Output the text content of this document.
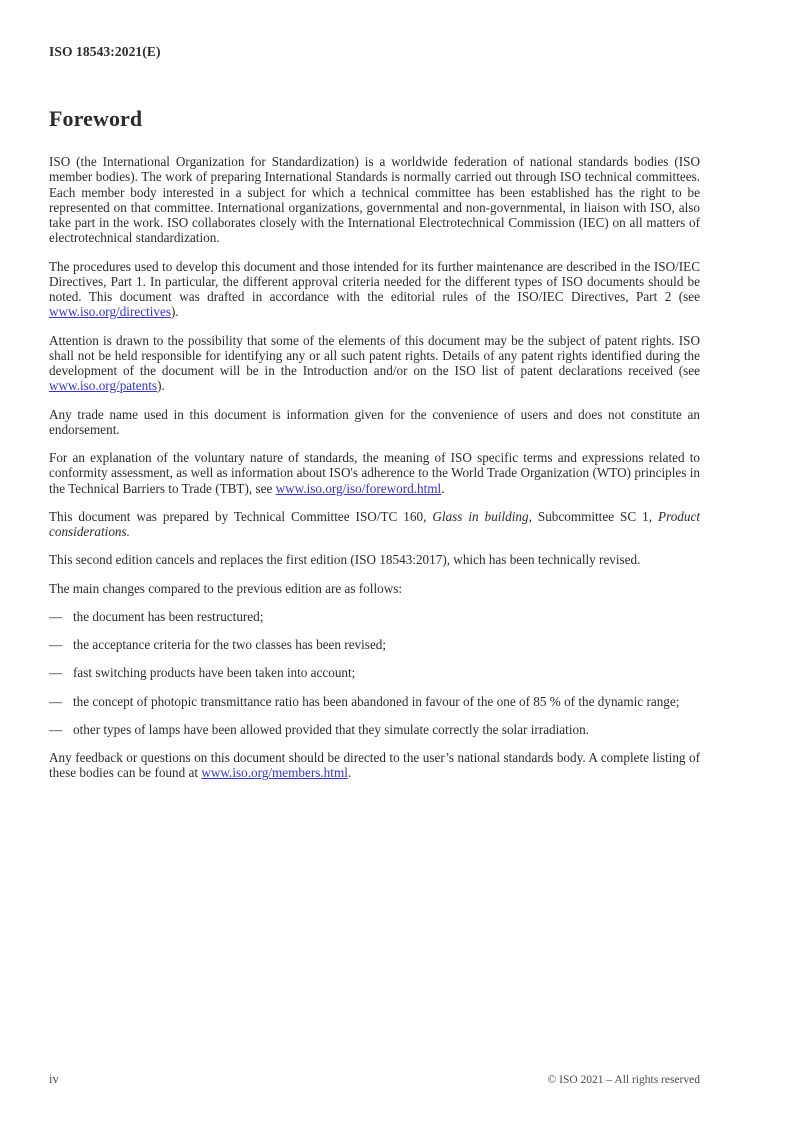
ISO 18543:2021(E)
Foreword

ISO (the International Organization for Standardization) is a worldwide federation of national standards bodies (ISO member bodies). The work of preparing International Standards is normally carried out through ISO technical committees. Each member body interested in a subject for which a technical committee has been established has the right to be represented on that committee. International organizations, governmental and non-governmental, in liaison with ISO, also take part in the work. ISO collaborates closely with the International Electrotechnical Commission (IEC) on all matters of electrotechnical standardization.

The procedures used to develop this document and those intended for its further maintenance are described in the ISO/IEC Directives, Part 1. In particular, the different approval criteria needed for the different types of ISO documents should be noted. This document was drafted in accordance with the editorial rules of the ISO/IEC Directives, Part 2 (see www.iso.org/directives).

Attention is drawn to the possibility that some of the elements of this document may be the subject of patent rights. ISO shall not be held responsible for identifying any or all such patent rights. Details of any patent rights identified during the development of the document will be in the Introduction and/or on the ISO list of patent declarations received (see www.iso.org/patents).

Any trade name used in this document is information given for the convenience of users and does not constitute an endorsement.

For an explanation of the voluntary nature of standards, the meaning of ISO specific terms and expressions related to conformity assessment, as well as information about ISO's adherence to the World Trade Organization (WTO) principles in the Technical Barriers to Trade (TBT), see www.iso.org/iso/foreword.html.

This document was prepared by Technical Committee ISO/TC 160, Glass in building, Subcommittee SC 1, Product considerations.

This second edition cancels and replaces the first edition (ISO 18543:2017), which has been technically revised.

The main changes compared to the previous edition are as follows:

— the document has been restructured;
— the acceptance criteria for the two classes has been revised;
— fast switching products have been taken into account;
— the concept of photopic transmittance ratio has been abandoned in favour of the one of 85 % of the dynamic range;
— other types of lamps have been allowed provided that they simulate correctly the solar irradiation.

Any feedback or questions on this document should be directed to the user’s national standards body. A complete listing of these bodies can be found at www.iso.org/members.html.

iv	© ISO 2021 – All rights reserved
